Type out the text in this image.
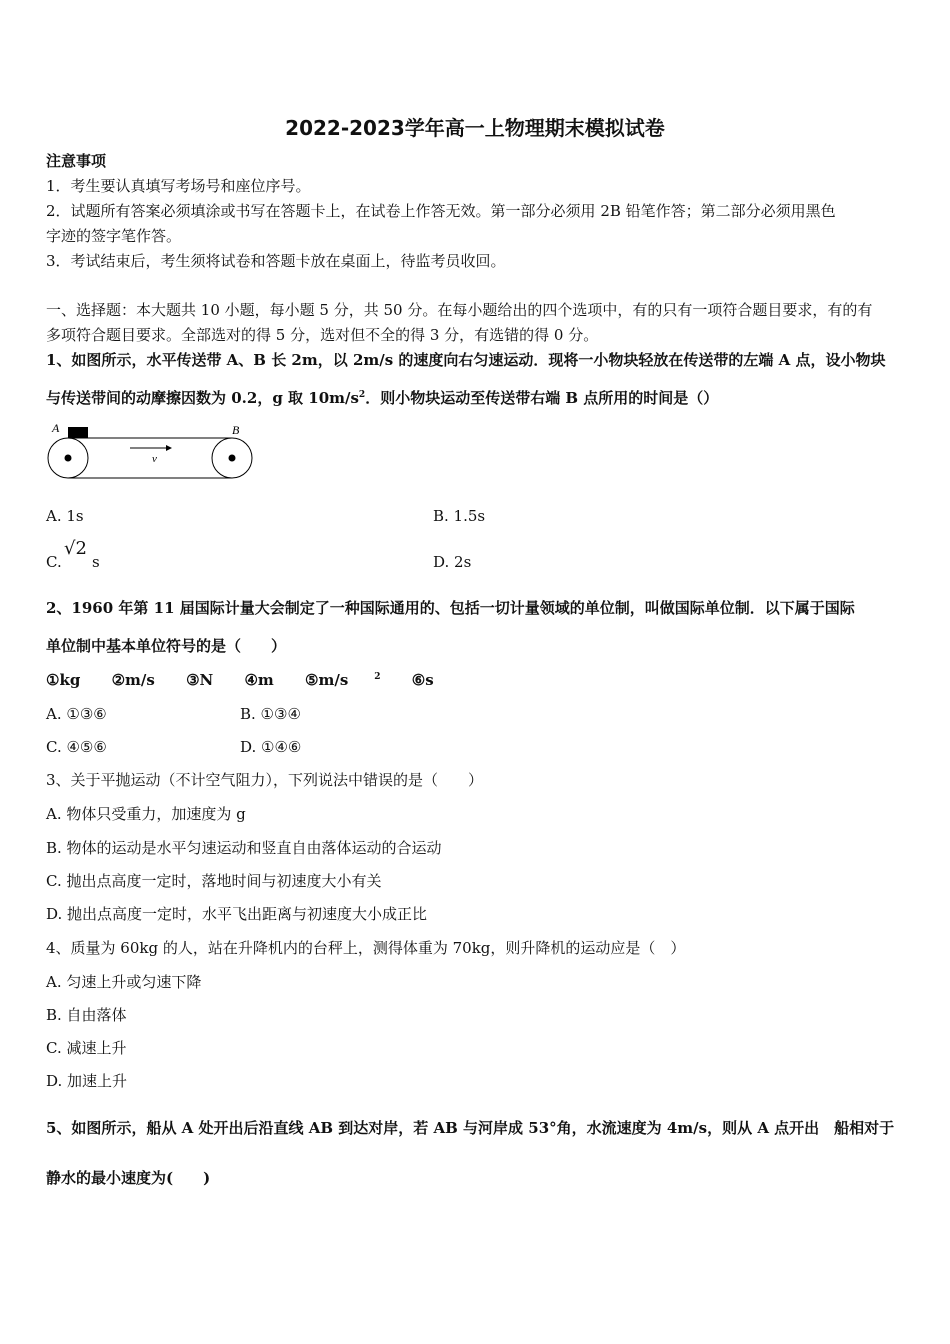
2022-2023学年高一上物理期末模拟试卷
注意事项
1．考生要认真填写考场号和座位序号。
2．试题所有答案必须填涂或书写在答题卡上，在试卷上作答无效。第一部分必须用 2B 铅笔作答；第二部分必须用黑色
字迹的签字笔作答。
3．考试结束后，考生须将试卷和答题卡放在桌面上，待监考员收回。
一、选择题：本大题共 10 小题，每小题 5 分，共 50 分。在每小题给出的四个选项中，有的只有一项符合题目要求，有的有
多项符合题目要求。全部选对的得 5 分，选对但不全的得 3 分，有选错的得 0 分。
1、如图所示，水平传送带 A、B 长 2m，以 2m/s 的速度向右匀速运动．现将一小物块轻放在传送带的左端 A 点，设小物块
与传送带间的动摩擦因数为 0.2，g 取 $10m/s^2$．则小物块运动至传送带右端 B 点所用的时间是（）
A	B
v
A. 1s	B. 1.5s
C.
√2
s	D. 2s
2、1960 年第 11 届国际计量大会制定了一种国际通用的、包括一切计量领域的单位制，叫做国际单位制．以下属于国际
单位制中基本单位符号的是（　　）
①kg ②m/s ③N ④m ⑤m/s	$^2$ ⑥s
A. ①③⑥	B. ①③④
C. ④⑤⑥	D. ①④⑥
3、关于平抛运动（不计空气阻力），下列说法中错误的是（　　）
A. 物体只受重力，加速度为 g
B. 物体的运动是水平匀速运动和竖直自由落体运动的合运动
C. 抛出点高度一定时，落地时间与初速度大小有关
D. 抛出点高度一定时，水平飞出距离与初速度大小成正比
4、质量为 60kg 的人，站在升降机内的台秤上，测得体重为 70kg，则升降机的运动应是（　）
A. 匀速上升或匀速下降
B. 自由落体
C. 减速上升
D. 加速上升
5、如图所示，船从 A 处开出后沿直线 AB 到达对岸，若 AB 与河岸成 53°角，水流速度为 4m/s，则从 A 点开出　船相对于
静水的最小速度为(　　)
